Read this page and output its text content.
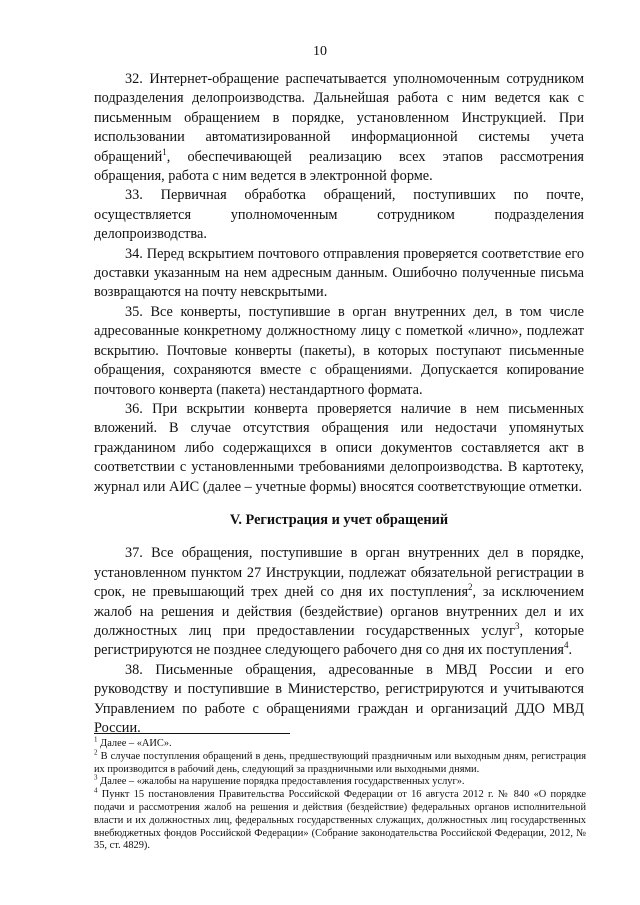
10

32. Интернет-обращение распечатывается уполномоченным сотрудником подразделения делопроизводства. Дальнейшая работа с ним ведется как с письменным обращением в порядке, установленном Инструкцией. При использовании автоматизированной информационной системы учета обращений$^1$, обеспечивающей реализацию всех этапов рассмотрения обращения, работа с ним ведется в электронной форме.

33. Первичная обработка обращений, поступивших по почте, осуществляется уполномоченным сотрудником подразделения делопроизводства.

34. Перед вскрытием почтового отправления проверяется соответствие его доставки указанным на нем адресным данным. Ошибочно полученные письма возвращаются на почту невскрытыми.

35. Все конверты, поступившие в орган внутренних дел, в том числе адресованные конкретному должностному лицу с пометкой «лично», подлежат вскрытию. Почтовые конверты (пакеты), в которых поступают письменные обращения, сохраняются вместе с обращениями. Допускается копирование почтового конверта (пакета) нестандартного формата.

36. При вскрытии конверта проверяется наличие в нем письменных вложений. В случае отсутствия обращения или недостачи упомянутых гражданином либо содержащихся в описи документов составляется акт в соответствии с установленными требованиями делопроизводства. В картотеку, журнал или АИС (далее – учетные формы) вносятся соответствующие отметки.

V. Регистрация и учет обращений

37. Все обращения, поступившие в орган внутренних дел в порядке, установленном пунктом 27 Инструкции, подлежат обязательной регистрации в срок, не превышающий трех дней со дня их поступления$^2$, за исключением жалоб на решения и действия (бездействие) органов внутренних дел и их должностных лиц при предоставлении государственных услуг$^3$, которые регистрируются не позднее следующего рабочего дня со дня их поступления$^4$.

38. Письменные обращения, адресованные в МВД России и его руководству и поступившие в Министерство, регистрируются и учитываются Управлением по работе с обращениями граждан и организаций ДДО МВД России.

$^1$ Далее – «АИС».

$^2$ В случае поступления обращений в день, предшествующий праздничным или выходным дням, регистрация их производится в рабочий день, следующий за праздничными или выходными днями.

$^3$ Далее – «жалобы на нарушение порядка предоставления государственных услуг».

$^4$ Пункт 15 постановления Правительства Российской Федерации от 16 августа 2012 г. № 840 «О порядке подачи и рассмотрения жалоб на решения и действия (бездействие) федеральных органов исполнительной власти и их должностных лиц, федеральных государственных служащих, должностных лиц государственных внебюджетных фондов Российской Федерации» (Собрание законодательства Российской Федерации, 2012, № 35, ст. 4829).
